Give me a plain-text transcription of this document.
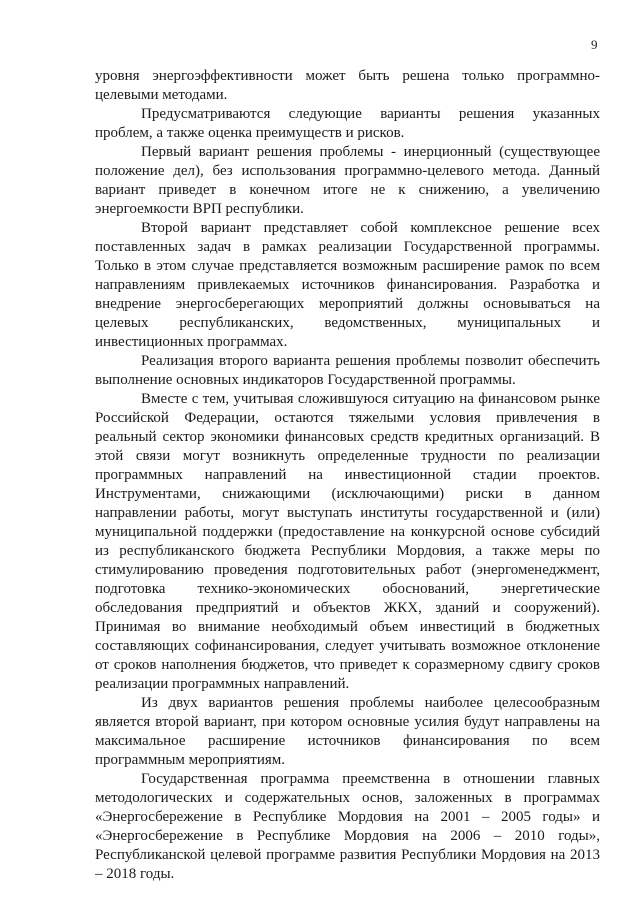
9

уровня энергоэффективности может быть решена только программно-
целевыми методами.

Предусматриваются следующие варианты решения указанных
проблем, а также оценка преимуществ и рисков.

Первый вариант решения проблемы - инерционный (существующее
положение дел), без использования программно-целевого метода. Данный
вариант приведет в конечном итоге не к снижению, а увеличению
энергоемкости ВРП республики.

Второй вариант представляет собой комплексное решение всех
поставленных задач в рамках реализации Государственной программы.
Только в этом случае представляется возможным расширение рамок по всем
направлениям привлекаемых источников финансирования. Разработка и
внедрение энергосберегающих мероприятий должны основываться на
целевых республиканских, ведомственных, муниципальных и
инвестиционных программах.

Реализация второго варианта решения проблемы позволит обеспечить
выполнение основных индикаторов Государственной программы.

Вместе с тем, учитывая сложившуюся ситуацию на финансовом рынке
Российской Федерации, остаются тяжелыми условия привлечения в
реальный сектор экономики финансовых средств кредитных организаций. В
этой связи могут возникнуть определенные трудности по реализации
программных направлений на инвестиционной стадии проектов.
Инструментами, снижающими (исключающими) риски в данном
направлении работы, могут выступать институты государственной и (или)
муниципальной поддержки (предоставление на конкурсной основе субсидий
из республиканского бюджета Республики Мордовия, а также меры по
стимулированию проведения подготовительных работ (энергоменеджмент,
подготовка технико-экономических обоснований, энергетические
обследования предприятий и объектов ЖКХ, зданий и сооружений).
Принимая во внимание необходимый объем инвестиций в бюджетных
составляющих софинансирования, следует учитывать возможное отклонение
от сроков наполнения бюджетов, что приведет к соразмерному сдвигу сроков
реализации программных направлений.

Из двух вариантов решения проблемы наиболее целесообразным
является второй вариант, при котором основные усилия будут направлены на
максимальное расширение источников финансирования по всем
программным мероприятиям.

Государственная программа преемственна в отношении главных
методологических и содержательных основ, заложенных в программах
«Энергосбережение в Республике Мордовия на 2001 – 2005 годы» и
«Энергосбережение в Республике Мордовия на 2006 – 2010 годы»,
Республиканской целевой программе развития Республики Мордовия на 2013
– 2018 годы.
